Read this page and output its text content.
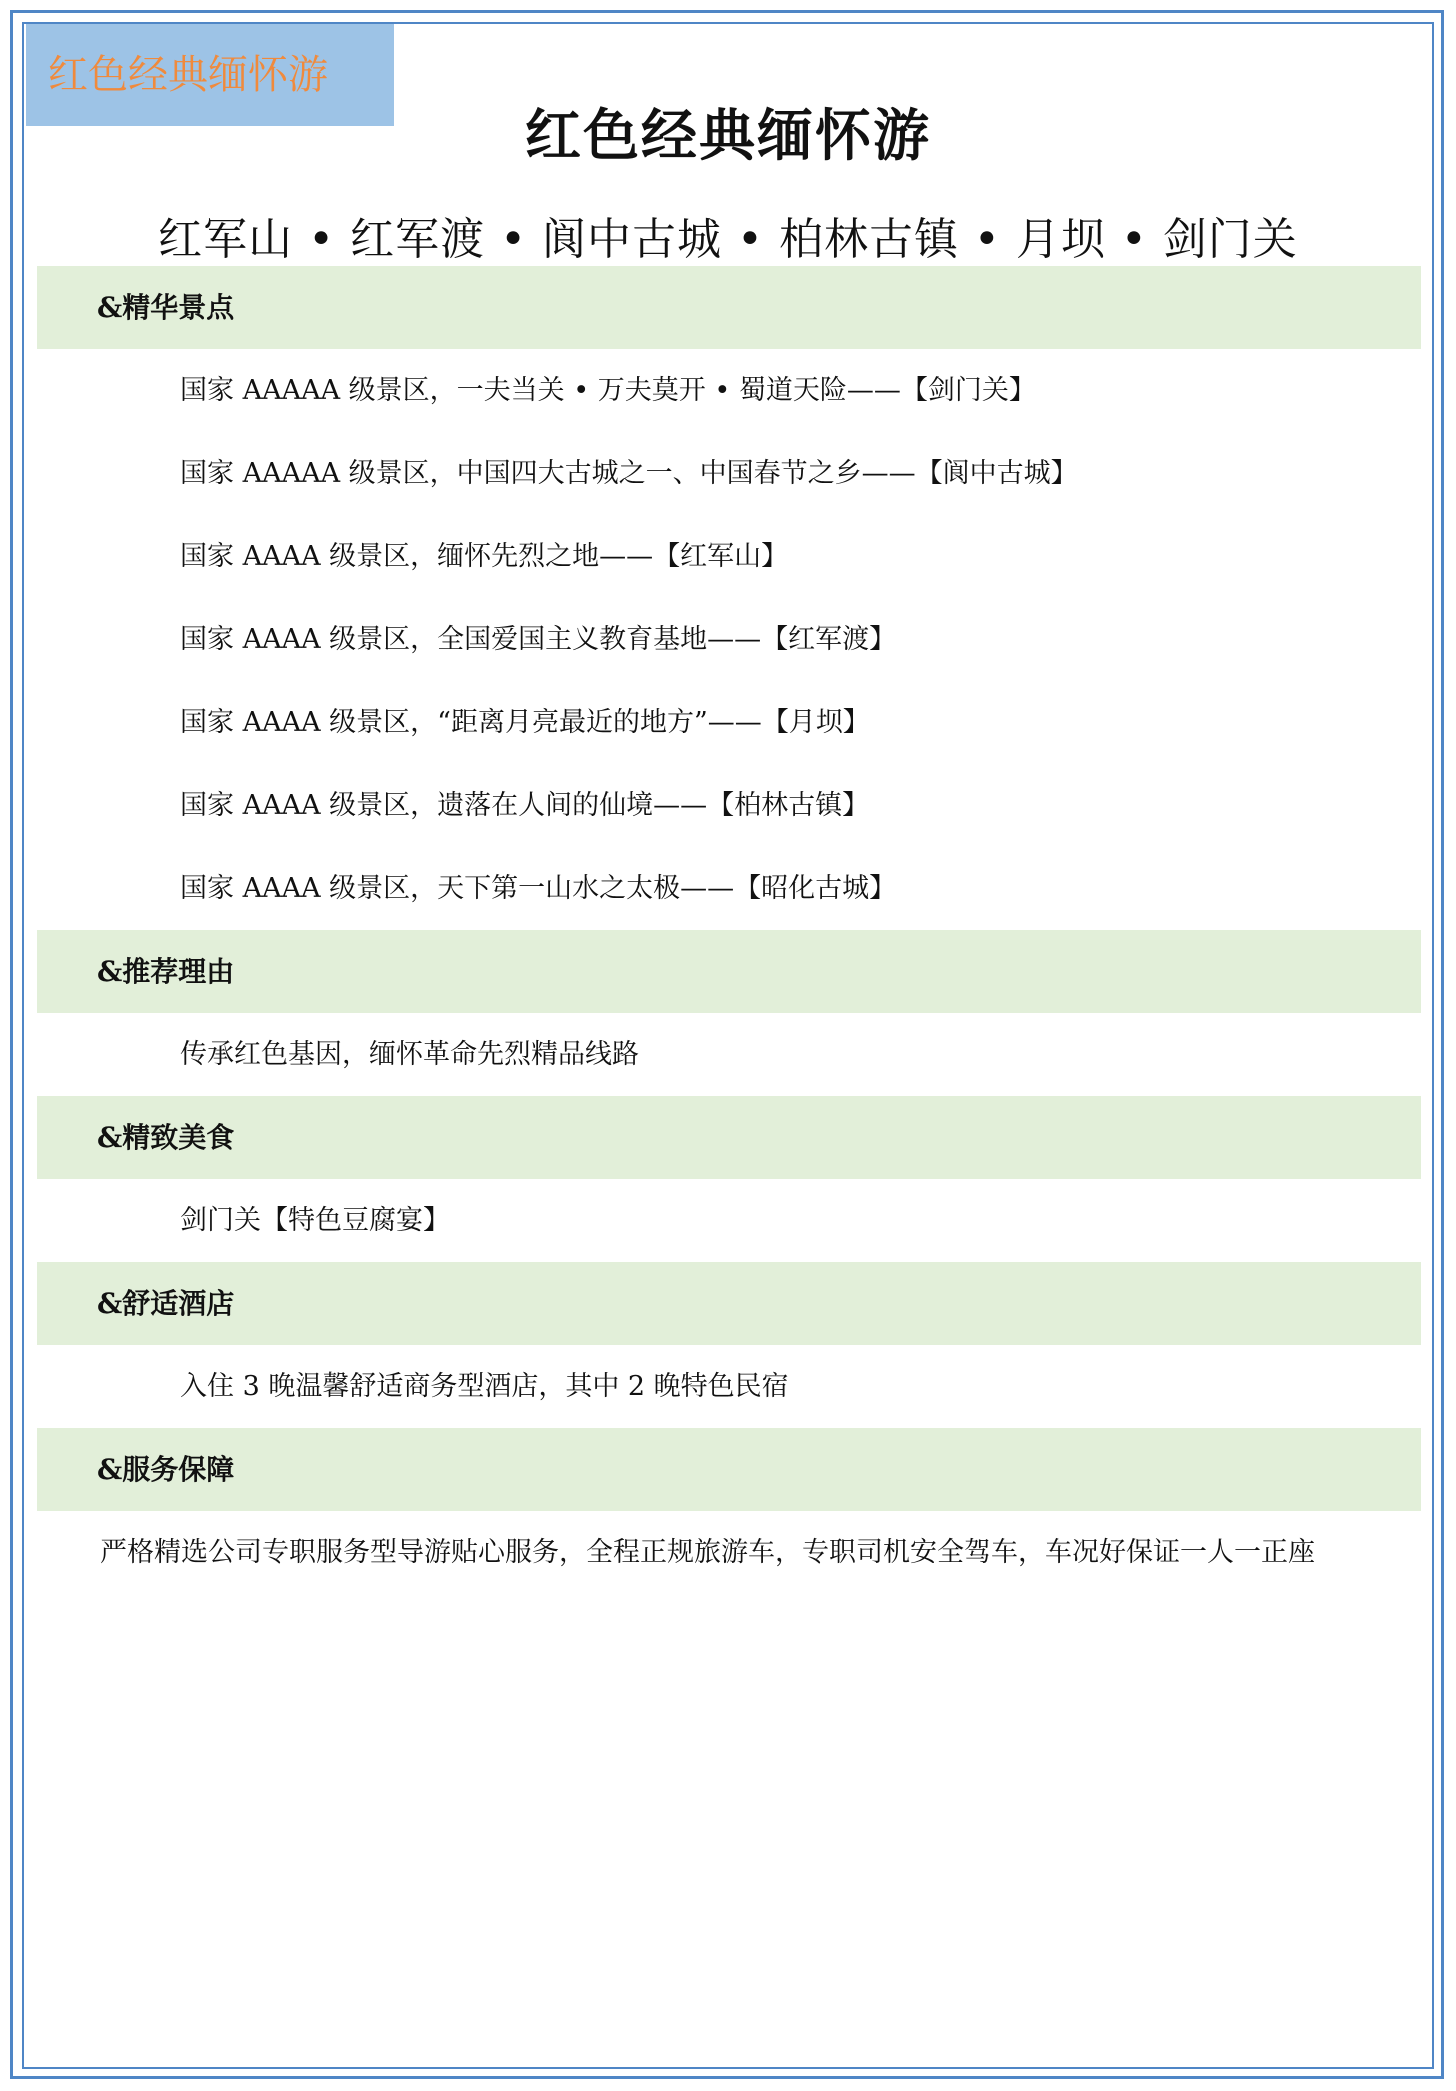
红色经典缅怀游
红色经典缅怀游
红军山 • 红军渡 • 阆中古城 • 柏林古镇 • 月坝 • 剑门关
&精华景点
国家 AAAAA 级景区，一夫当关 • 万夫莫开 • 蜀道天险——【剑门关】
国家 AAAAA 级景区，中国四大古城之一、中国春节之乡——【阆中古城】
国家 AAAA 级景区，缅怀先烈之地——【红军山】
国家 AAAA 级景区，全国爱国主义教育基地——【红军渡】
国家 AAAA 级景区，“距离月亮最近的地方”——【月坝】
国家 AAAA 级景区，遗落在人间的仙境——【柏林古镇】
国家 AAAA 级景区，天下第一山水之太极——【昭化古城】
&推荐理由
传承红色基因，缅怀革命先烈精品线路
&精致美食
剑门关【特色豆腐宴】
&舒适酒店
入住 3 晚温馨舒适商务型酒店，其中 2 晚特色民宿
&服务保障
严格精选公司专职服务型导游贴心服务，全程正规旅游车，专职司机安全驾车，车况好保证一人一正座
